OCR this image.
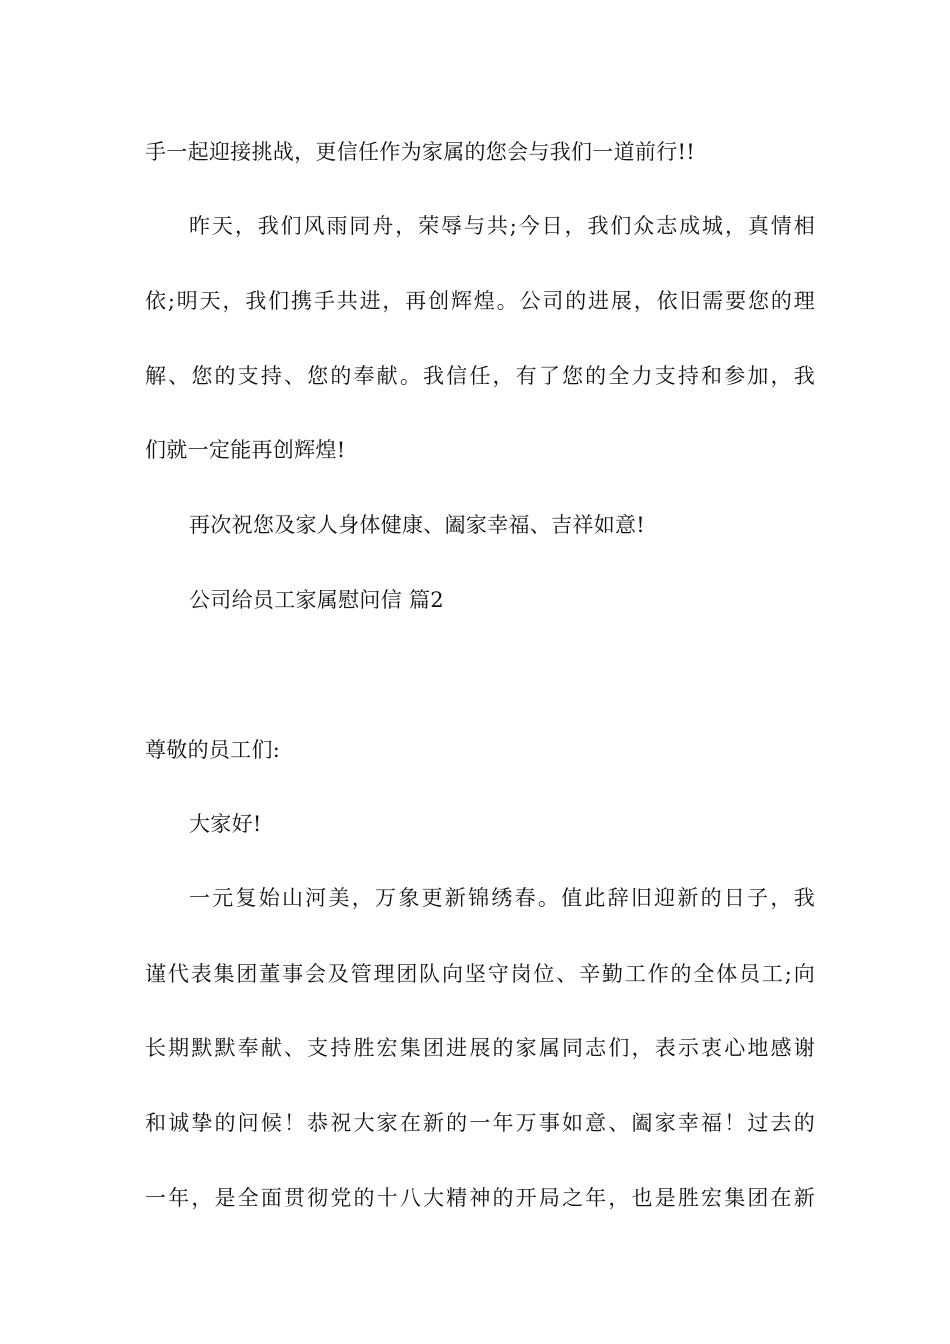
手一起迎接挑战，更信任作为家属的您会与我们一道前行!!
昨天，我们风雨同舟，荣辱与共;今日，我们众志成城，真情相
依;明天，我们携手共进，再创辉煌。公司的进展，依旧需要您的理
解、您的支持、您的奉献。我信任，有了您的全力支持和参加，我
们就一定能再创辉煌!
再次祝您及家人身体健康、阖家幸福、吉祥如意!
公司给员工家属慰问信 篇2
尊敬的员工们:
大家好!
一元复始山河美，万象更新锦绣春。值此辞旧迎新的日子，我
谨代表集团董事会及管理团队向坚守岗位、辛勤工作的全体员工;向
长期默默奉献、支持胜宏集团进展的家属同志们，表示衷心地感谢
和诚挚的问候！恭祝大家在新的一年万事如意、阖家幸福！过去的
一年，是全面贯彻党的十八大精神的开局之年，也是胜宏集团在新
